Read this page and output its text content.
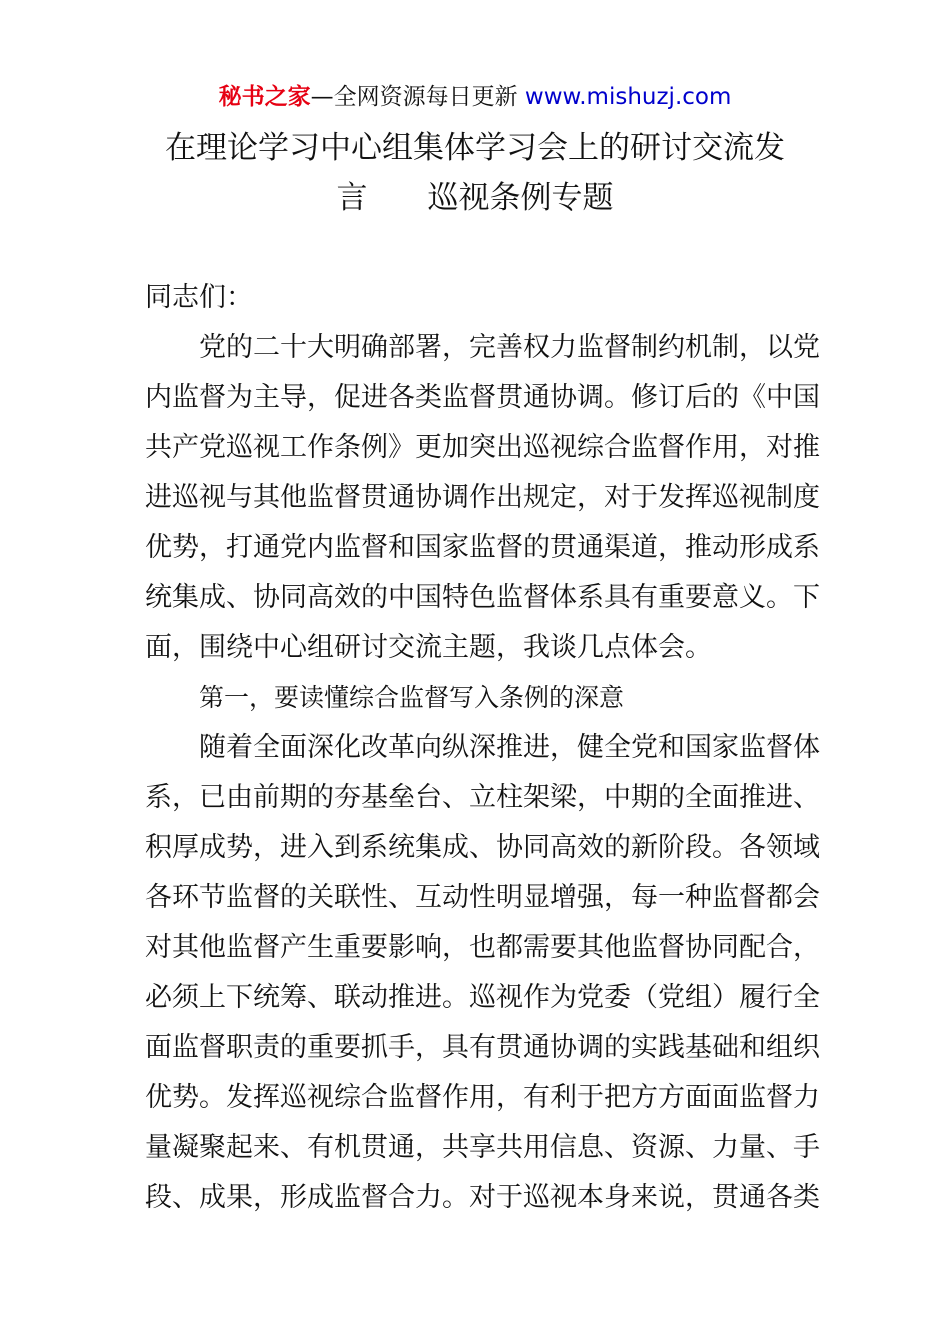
秘书之家—全网资源每日更新 www.mishuzj.com
在理论学习中心组集体学习会上的研讨交流发
言 巡视条例专题
同志们：
党的二十大明确部署，完善权力监督制约机制，以党
内监督为主导，促进各类监督贯通协调。修订后的《中国
共产党巡视工作条例》更加突出巡视综合监督作用，对推
进巡视与其他监督贯通协调作出规定，对于发挥巡视制度
优势，打通党内监督和国家监督的贯通渠道，推动形成系
统集成、协同高效的中国特色监督体系具有重要意义。下
面，围绕中心组研讨交流主题，我谈几点体会。
第一，要读懂综合监督写入条例的深意
随着全面深化改革向纵深推进，健全党和国家监督体
系，已由前期的夯基垒台、立柱架梁，中期的全面推进、
积厚成势，进入到系统集成、协同高效的新阶段。各领域
各环节监督的关联性、互动性明显增强，每一种监督都会
对其他监督产生重要影响，也都需要其他监督协同配合，
必须上下统筹、联动推进。巡视作为党委（党组）履行全
面监督职责的重要抓手，具有贯通协调的实践基础和组织
优势。发挥巡视综合监督作用，有利于把方方面面监督力
量凝聚起来、有机贯通，共享共用信息、资源、力量、手
段、成果，形成监督合力。对于巡视本身来说，贯通各类
